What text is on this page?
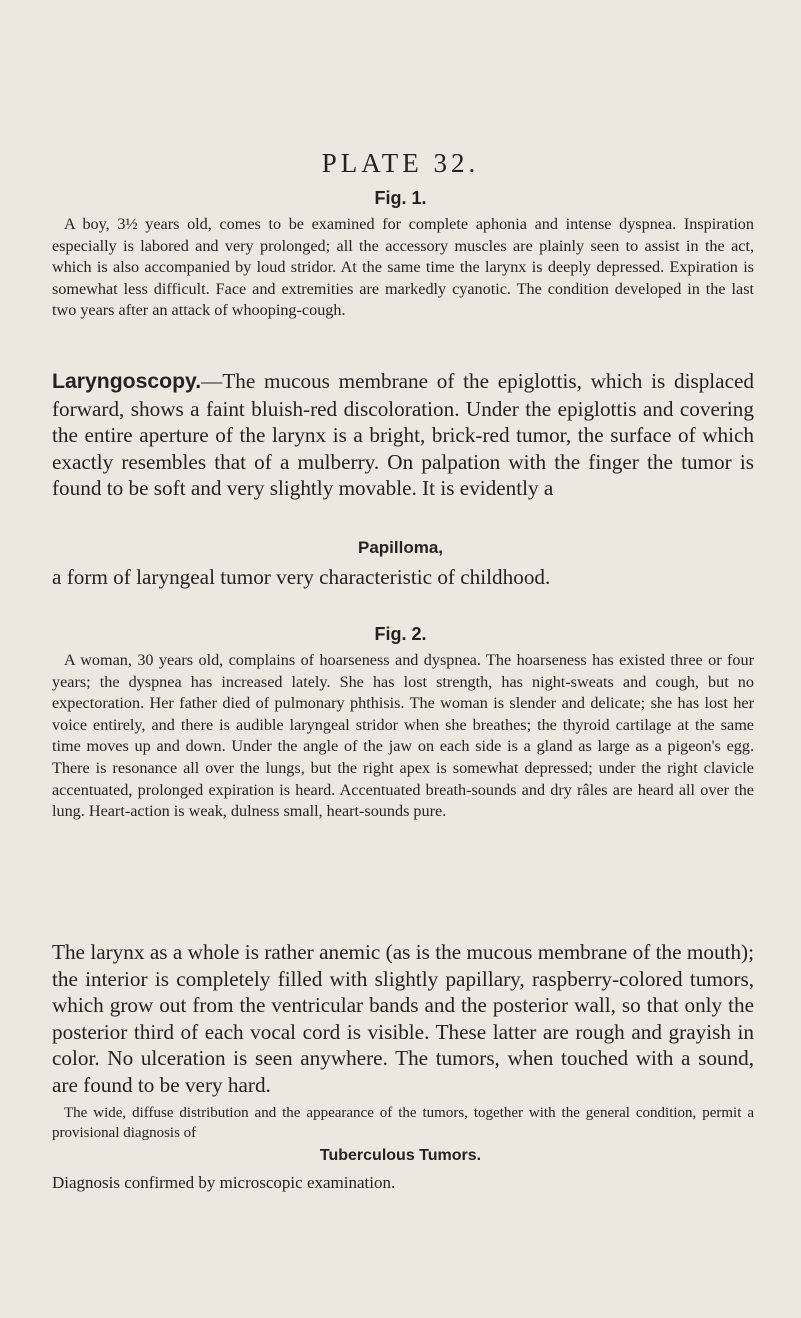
PLATE 32.

Fig. 1.

A boy, 3½ years old, comes to be examined for complete aphonia and intense dyspnea. Inspiration especially is labored and very prolonged; all the accessory muscles are plainly seen to assist in the act, which is also accompanied by loud stridor. At the same time the larynx is deeply depressed. Expiration is somewhat less difficult. Face and extremities are markedly cyanotic. The condition developed in the last two years after an attack of whooping-cough.

Laryngoscopy.—The mucous membrane of the epiglottis, which is displaced forward, shows a faint bluish-red discoloration. Under the epiglottis and covering the entire aperture of the larynx is a bright, brick-red tumor, the surface of which exactly resembles that of a mulberry. On palpation with the finger the tumor is found to be soft and very slightly movable. It is evidently a

Papilloma,

a form of laryngeal tumor very characteristic of childhood.

Fig. 2.

A woman, 30 years old, complains of hoarseness and dyspnea. The hoarseness has existed three or four years; the dyspnea has increased lately. She has lost strength, has night-sweats and cough, but no expectoration. Her father died of pulmonary phthisis. The woman is slender and delicate; she has lost her voice entirely, and there is audible laryngeal stridor when she breathes; the thyroid cartilage at the same time moves up and down. Under the angle of the jaw on each side is a gland as large as a pigeon's egg. There is resonance all over the lungs, but the right apex is somewhat depressed; under the right clavicle accentuated, prolonged expiration is heard. Accentuated breath-sounds and dry râles are heard all over the lung. Heart-action is weak, dulness small, heart-sounds pure.

The larynx as a whole is rather anemic (as is the mucous membrane of the mouth); the interior is completely filled with slightly papillary, raspberry-colored tumors, which grow out from the ventricular bands and the posterior wall, so that only the posterior third of each vocal cord is visible. These latter are rough and grayish in color. No ulceration is seen anywhere. The tumors, when touched with a sound, are found to be very hard.

The wide, diffuse distribution and the appearance of the tumors, together with the general condition, permit a provisional diagnosis of

Tuberculous Tumors.

Diagnosis confirmed by microscopic examination.
